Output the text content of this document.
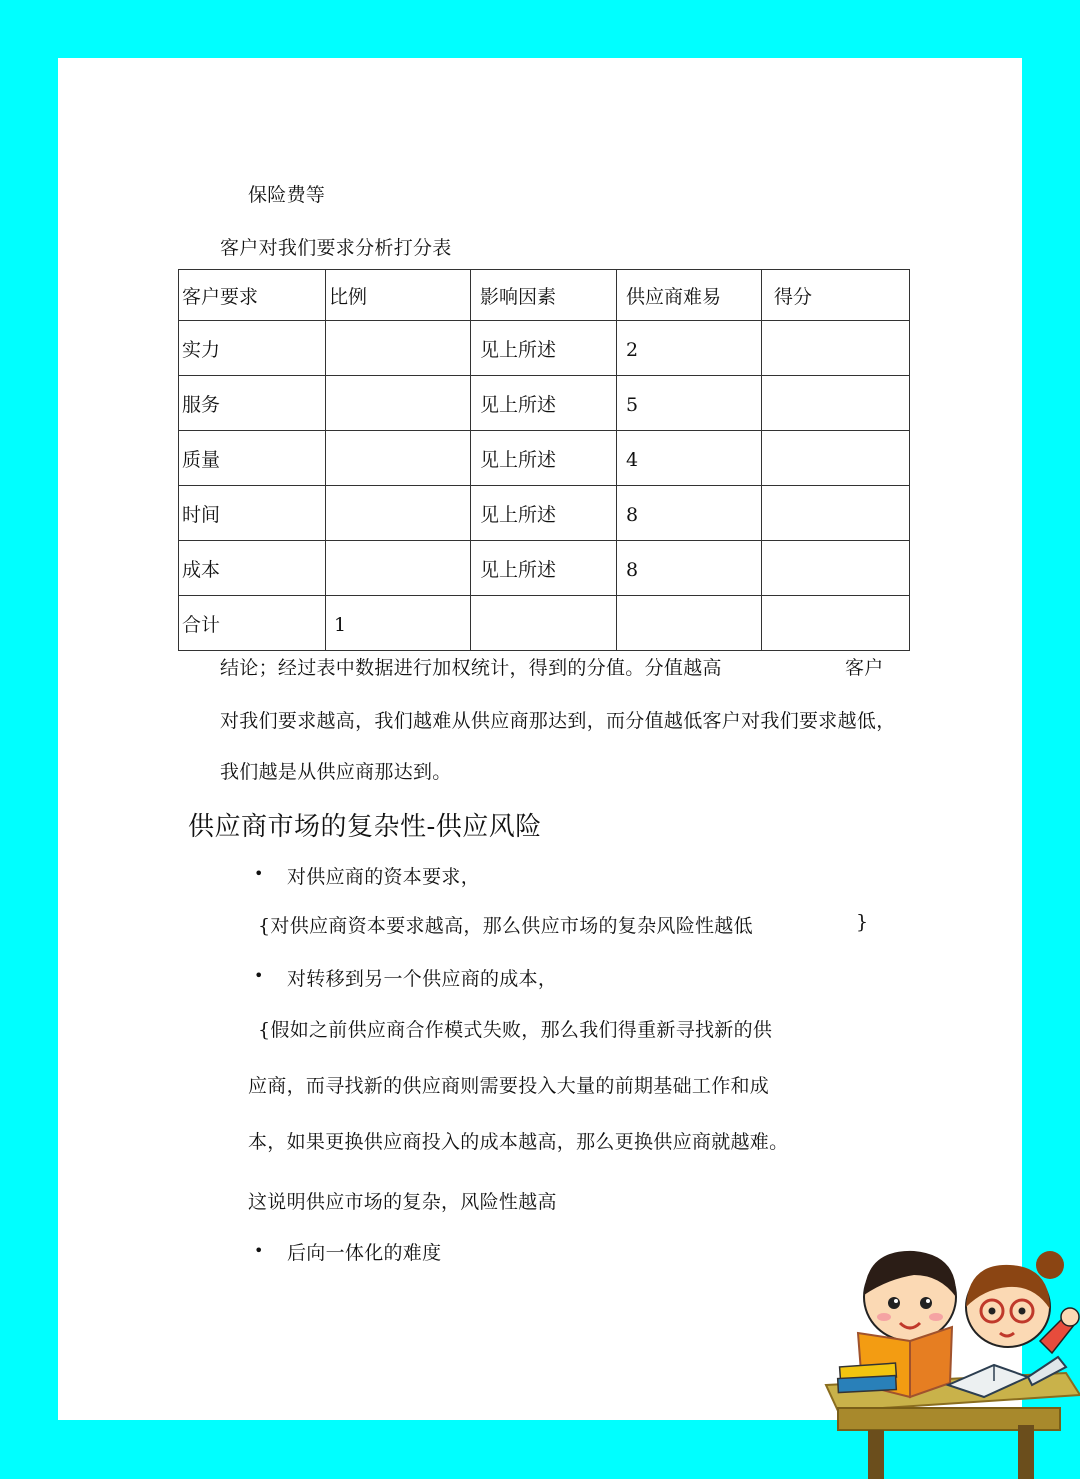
保险费等
客户对我们要求分析打分表
客户要求	比例	影响因素	供应商难易	得分
实力		见上所述	2	
服务		见上所述	5	
质量		见上所述	4	
时间		见上所述	8	
成本		见上所述	8	
合计	1			
结论；经过表中数据进行加权统计，得到的分值。分值越高	客户
对我们要求越高，我们越难从供应商那达到，而分值越低客户对我们要求越低，
我们越是从供应商那达到。
供应商市场的复杂性-供应风险
• 对供应商的资本要求，
{对供应商资本要求越高，那么供应市场的复杂风险性越低	}
• 对转移到另一个供应商的成本，
{假如之前供应商合作模式失败，那么我们得重新寻找新的供
应商，而寻找新的供应商则需要投入大量的前期基础工作和成
本，如果更换供应商投入的成本越高，那么更换供应商就越难。
这说明供应市场的复杂，风险性越高
• 后向一体化的难度
